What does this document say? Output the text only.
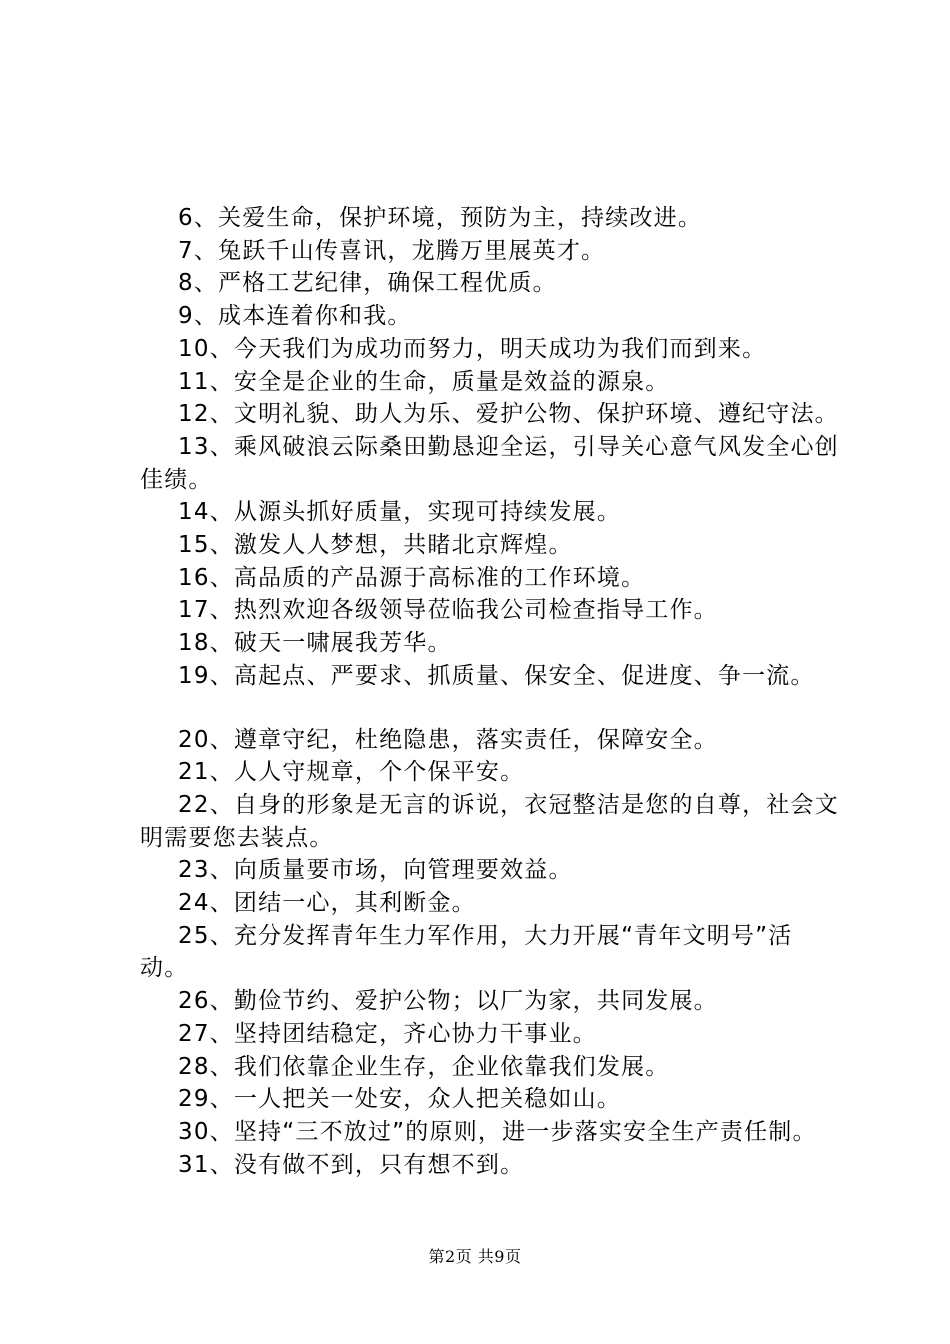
6、关爱生命，保护环境，预防为主，持续改进。

7、兔跃千山传喜讯，龙腾万里展英才。

8、严格工艺纪律，确保工程优质。

9、成本连着你和我。

10、今天我们为成功而努力，明天成功为我们而到来。

11、安全是企业的生命，质量是效益的源泉。

12、文明礼貌、助人为乐、爱护公物、保护环境、遵纪守法。

13、乘风破浪云际桑田勤恳迎全运，引导关心意气风发全心创佳绩。

14、从源头抓好质量，实现可持续发展。

15、激发人人梦想，共睹北京辉煌。

16、高品质的产品源于高标准的工作环境。

17、热烈欢迎各级领导莅临我公司检查指导工作。

18、破天一啸展我芳华。

19、高起点、严要求、抓质量、保安全、促进度、争一流。

20、遵章守纪，杜绝隐患，落实责任，保障安全。

21、人人守规章，个个保平安。

22、自身的形象是无言的诉说，衣冠整洁是您的自尊，社会文明需要您去装点。

23、向质量要市场，向管理要效益。

24、团结一心，其利断金。

25、充分发挥青年生力军作用，大力开展“青年文明号”活动。

26、勤俭节约、爱护公物；以厂为家，共同发展。

27、坚持团结稳定，齐心协力干事业。

28、我们依靠企业生存，企业依靠我们发展。

29、一人把关一处安，众人把关稳如山。

30、坚持“三不放过”的原则，进一步落实安全生产责任制。

31、没有做不到，只有想不到。

第2页 共9页
